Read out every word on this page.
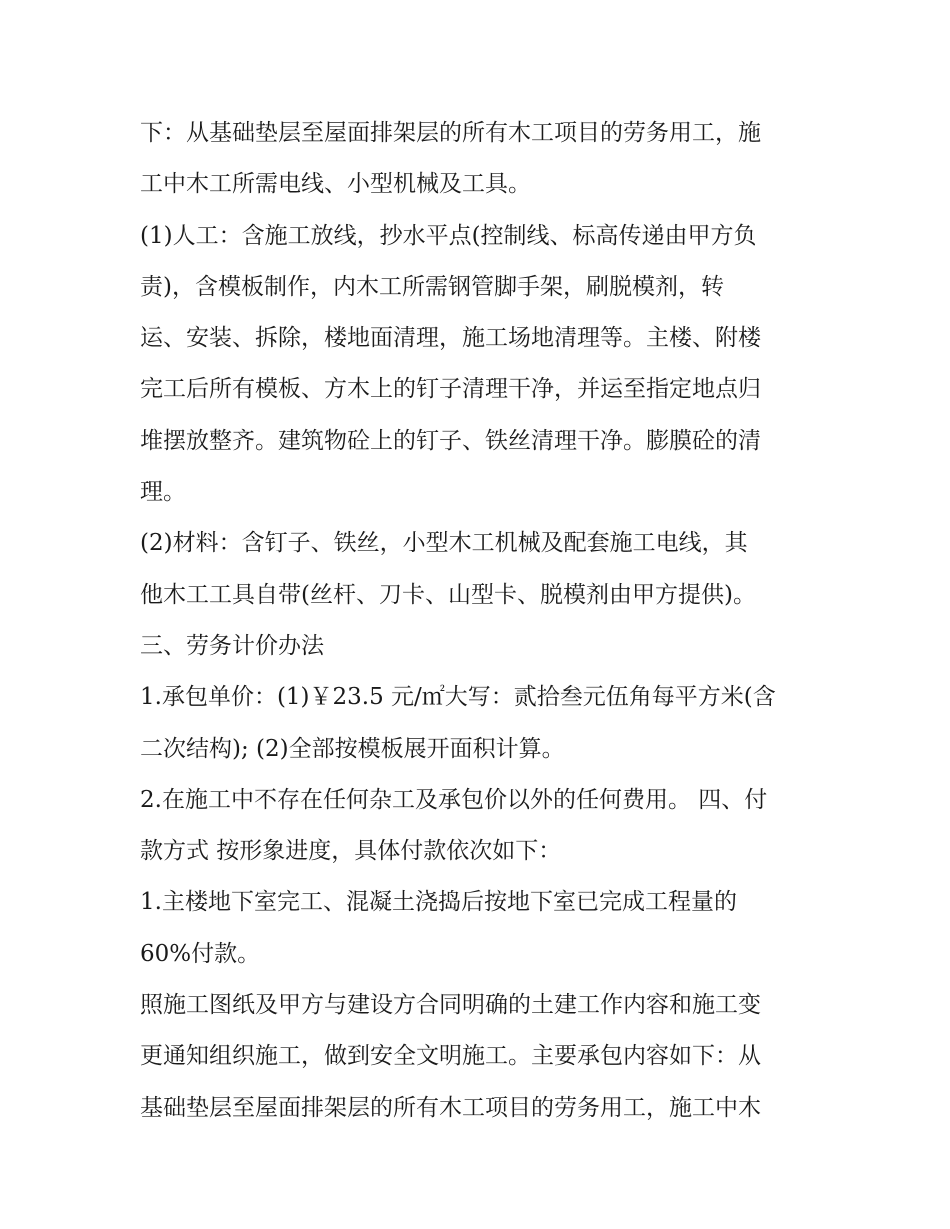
下：从基础垫层至屋面排架层的所有木工项目的劳务用工，施
工中木工所需电线、小型机械及工具。
(1)人工：含施工放线，抄水平点(控制线、标高传递由甲方负
责)，含模板制作，内木工所需钢管脚手架，刷脱模剂，转
运、安装、拆除，楼地面清理，施工场地清理等。主楼、附楼
完工后所有模板、方木上的钉子清理干净，并运至指定地点归
堆摆放整齐。建筑物砼上的钉子、铁丝清理干净。膨膜砼的清
理。
(2)材料：含钉子、铁丝，小型木工机械及配套施工电线，其
他木工工具自带(丝杆、刀卡、山型卡、脱模剂由甲方提供)。
三、劳务计价办法
1.承包单价：(1)￥23.5 元/㎡大写：贰拾叁元伍角每平方米(含
二次结构); (2)全部按模板展开面积计算。
2.在施工中不存在任何杂工及承包价以外的任何费用。 四、付
款方式 按形象进度，具体付款依次如下：
1.主楼地下室完工、混凝土浇捣后按地下室已完成工程量的
60%付款。
照施工图纸及甲方与建设方合同明确的土建工作内容和施工变
更通知组织施工，做到安全文明施工。主要承包内容如下：从
基础垫层至屋面排架层的所有木工项目的劳务用工，施工中木
